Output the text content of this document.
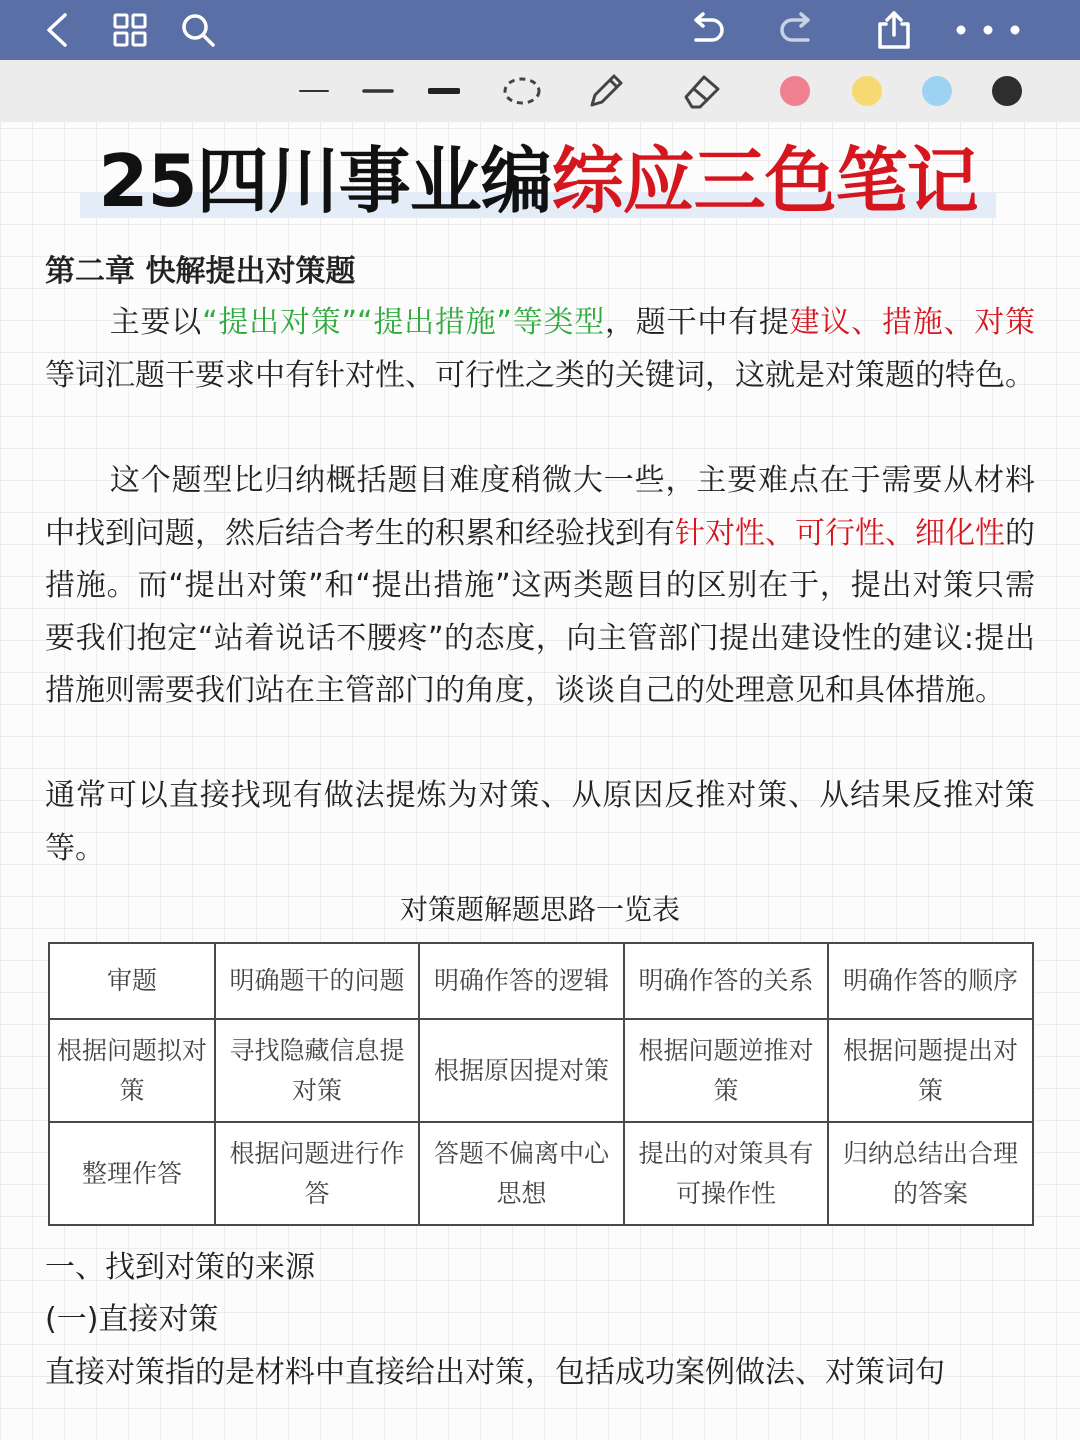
25四川事业编综应三色笔记
第二章 快解提出对策题
主要以“提出对策”“提出措施”等类型，题干中有提建议、措施、对策等词汇题干要求中有针对性、可行性之类的关键词，这就是对策题的特色。
这个题型比归纳概括题目难度稍微大一些，主要难点在于需要从材料中找到问题，然后结合考生的积累和经验找到有针对性、可行性、细化性的措施。而“提出对策”和“提出措施”这两类题目的区别在于，提出对策只需要我们抱定“站着说话不腰疼”的态度，向主管部门提出建设性的建议:提出措施则需要我们站在主管部门的角度，谈谈自己的处理意见和具体措施。
通常可以直接找现有做法提炼为对策、从原因反推对策、从结果反推对策等。
对策题解题思路一览表
审题	明确题干的问题	明确作答的逻辑	明确作答的关系	明确作答的顺序
根据问题拟对策	寻找隐藏信息提对策	根据原因提对策	根据问题逆推对策	根据问题提出对策
整理作答	根据问题进行作答	答题不偏离中心思想	提出的对策具有可操作性	归纳总结出合理的答案
一、找到对策的来源
(一)直接对策
直接对策指的是材料中直接给出对策，包括成功案例做法、对策词句
